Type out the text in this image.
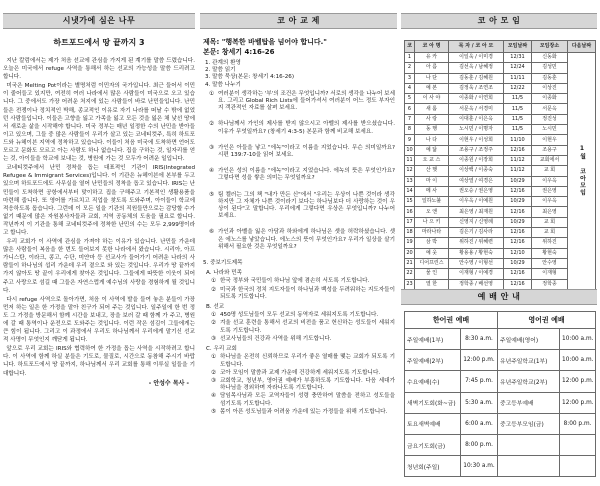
시냇가에 심은 나무
하트포드에서 땅 끝까지 3

지난 칼럼에서는 제가 처음 선교에 관심을 가지게 된 계기를 말씀 드렸습니다. 오늘은 미국에서 refuge 사역을 통해서 하는 선교의 가능성을 말씀 드리려고 합니다.

미국은 Melting Pot이라는 별명처럼 이민자의 국가입니다. 최근 들어서 이민이 줄어들고 있지만, 여전히 여러 나라에서 많은 사람들이 미국으로 오고 있습니다. 그 중에서도 가장 어려운 처지에 있는 사람들이 바로 난민들입니다. 난민들은 전쟁이나 정치적인 박해, 종교적인 이유로 자기 나라를 떠날 수 밖에 없었던 사람들입니다. 이들은 고향을 잃고 가족을 잃고 모든 것을 잃은 채 낯선 땅에서 새로운 삶을 시작해야 합니다. 미국 정부는 매년 일정한 수의 난민을 받아들이고 있으며, 그들 중 많은 사람들이 우리가 살고 있는 코네티컷주, 특히 하트포드와 뉴헤이븐 지역에 정착하고 있습니다. 이들이 처음 미국에 도착하면 언어도 모르고 문화도 모르고 아는 사람도 하나 없습니다. 집을 구하는 것, 일자리를 얻는 것, 아이들을 학교에 보내는 것, 병원에 가는 것 모두가 어려운 일입니다.

코네티컷주에서 난민 정착을 돕는 대표적인 기관이 IRIS(Integrated Refugee & Immigrant Services)입니다. 이 기관은 뉴헤이븐에 본부를 두고 있으며 하트포드에도 사무실을 열어 난민들의 정착을 돕고 있습니다. IRIS는 난민들이 도착하면 공항에서부터 맞이하고 집을 구해주고 기본적인 생활용품을 마련해 줍니다. 또 영어를 가르치고 직업을 찾도록 도와주며, 아이들이 학교에 적응하도록 돕습니다. 그런데 이 모든 일을 기관의 직원들만으로는 감당할 수가 없기 때문에 많은 자원봉사자들과 교회, 지역 공동체의 도움을 필요로 합니다. 작년까지 이 기관을 통해 코네티컷주에 정착한 난민의 수는 모두 2,999명이라고 합니다.

우리 교회가 이 사역에 관심을 가져야 하는 이유가 있습니다. 난민들 가운데 많은 사람들이 복음을 한 번도 들어보지 못한 나라에서 왔습니다. 시리아, 아프가니스탄, 이라크, 콩고, 수단, 미얀마 등 선교사가 들어가기 어려운 나라의 사람들이 하나님의 섭리 가운데 우리 곁으로 와 있는 것입니다. 우리가 땅 끝까지 가지 않아도 땅 끝이 우리에게 찾아온 것입니다. 그들에게 따뜻한 이웃이 되어 주고 사랑으로 섬길 때 그들은 자연스럽게 예수님의 사랑을 경험하게 될 것입니다.

다시 refuge 사역으로 돌아가면, 처음 이 사역에 발을 들여 놓은 분들이 가장 먼저 하는 일은 한 가정을 맡아 친구가 되어 주는 것입니다. 일주일에 한 번 정도 그 가정을 방문해서 함께 시간을 보내고, 장을 보러 갈 때 함께 가 주고, 병원에 갈 때 통역이나 운전으로 도와주는 것입니다. 이런 작은 섬김이 그들에게는 큰 힘이 됩니다. 그리고 이 과정에서 우리도 하나님께서 우리에게 맡기신 선교적 사명이 무엇인지 깨닫게 됩니다.

앞으로 우리 교회는 IRIS와 협력하여 한 가정을 돕는 사역을 시작하려고 합니다. 이 사역에 함께 하실 분들은 기도로, 물질로, 시간으로 동참해 주시기 바랍니다. 하트포드에서 땅 끝까지, 하나님께서 우리 교회를 통해 이루실 일들을 기대합니다.

- 안성수 목사 -
코 아 교 제
제목: "행복한 바벨탑을 넘어야 합니다."
본문: 창세기 4:16-26
1. 관계의 환영
2. 말씀 읽기
3. 말씀 묵상(본문: 창세기 4:16-26)
4. 말씀 나누기
① 여러분이 생각하는 '부'의 조건은 무엇입니까? 서로의 생각을 나누어 보세요. 그리고 Global Rich Lists에 들어가셔서 여러분이 어느 정도 부자인지 객관적인 자료를 살펴 보세요.
② 하나님께서 가인의 제사를 받지 않으시고 아벨의 제사를 받으셨습니다. 이유가 무엇일까요? (창세기 4:3-5) 본문과 함께 비교해 보세요.
③ 가인은 아들을 낳고 "에녹"이라고 이름을 지었습니다. 무슨 의미일까요? 시편 139:7-10을 읽어 보세요.
④ 가인은 성의 이름을 "에녹"이라고 지었습니다. 에녹의 뜻은 무엇인가요? 그렇다면 성을 쌓은 의미는 무엇일까요?
⑤ 팀 켈러는 그의 책 "내가 만든 신"에서 "우리는 우상이 나쁜 것이라 생각하지만 그 자체가 나쁜 것이라기 보다는 하나님보다 더 사랑하는 것이 우상이 된다"고 말합니다. 우리에게 그렇다면 우상은 무엇입니까? 나누어 보세요.
⑥ 가인과 아벨을 잃은 아담과 하와에게 하나님은 셋을 허락하셨습니다. 셋은 에노스를 낳았습니다. 에노스의 뜻이 무엇인가요? 우리가 일상을 살기 위해서 필요한 것은 무엇일까요?
5. 중보기도제목
A. 나라와 민족
① 한국 정부와 국민들이 하나님 앞에 겸손히 서도록 기도합니다.
② 미국과 한국의 정치 지도자들이 하나님과 백성을 두려워하는 지도자들이 되도록 기도합니다.
B. 선교
① 450명 성도님들이 모두 선교의 동역자로 세워지도록 기도합니다.
② 겨울 선교 훈련을 통해서 선교의 비전을 품고 헌신하는 성도들이 세워지도록 기도합니다.
③ 선교사님들의 건강과 사역을 위해 기도합니다.
C. 우리 교회
① 하나님을 온전히 신뢰하므로 우리가 좋은 열매를 맺는 교회가 되도록 기도합니다.
② 코아 모임이 말씀과 교제 가운데 건강하게 세워지도록 기도합니다.
③ 교회학교, 청년부, 영어권 예배가 부흥하도록 기도합니다. 다음 세대가 하나님을 경외하며 자라나도록 기도합니다.
④ 담임목사님과 모든 교역자들이 성령 충만하여 말씀을 전하고 성도들을 섬기도록 기도합니다.
⑤ 몸이 아픈 성도님들과 어려움 가운데 있는 가정들을 위해 기도합니다.
코 아 모 임
코	코 아 명	목 자 / 코 아 모	모임날짜	모임장소	다음날짜
1	유 카	이일욱 / 이미경	12/31	신동화	1월 코아모임
2	아 름	김선옥 / 남혜정	12/24	김성민	
3	나 단	김동훈 / 김혜원	11/11	김동훈	
4	예 본	김정욱 / 조연조	12/22	이상진	
5	이 사 야	이종화 / 이연희	11/5	이종화	
6	새 롬	서문옥 / 서경미	11/5	서문옥	
7	사 랑	이대훈 / 이은옥	11/5	정진성	
8	동 행	노시민 / 이명자	11/5	노시민	
9	나 다	이현우 / 이성희	11/10	이현우	
10	예 닮	조용구 / 조정주	12/16	조용구	
11	오 교 스	이종원 / 이장희	11/12	교회에서	
12	산 햇	이상백 / 이종숙	11/12	교 회	
13	마 이	여상열 / 여경은	10/29	이우옥	
14	메 사	권오승 / 권은영	12/16	권은영	
15	일하노불	이우옥 / 이예원	10/29	이우옥	
16	오 앤	최은영 / 최재원	12/16	최은영	
17	나 으 키	신영지 / 신영례	10/29	교 회	
18	마라나타	김은기 / 김사라	12/16	교 회	
19	삼 박	위하진 / 위혜련	12/16	위하진	
20	예 웃	황용용 / 황현숙	12/10	황현숙	
21	디어프린스	안수영 / 이형선	10/29	안수영	
22	물 인	이재형 / 이예경	12/16	이재형	
23	열 한	정학종 / 배선영	12/16	정학종	
예 배 안 내
한어권 예배		영어권 예배	
주일예배(1부)	8:30 a.m.	주일예배(영어)	10:00 a.m.
주일예배(2부)	12:00 p.m.	유년주일학교(1부)	10:00 a.m.
수요예배(수)	7:45 p.m.	유년주일학교(2부)	12:00 p.m.
새벽기도회(화~금)	5:30 a.m.	중고등부예배	12:00 p.m.
토요새벽예배	6:00 a.m.	중고등부모임(금)	8:00 p.m.
금요기도회(금)	8:00 p.m.		
청년회(주일)	10:30 a.m.		
